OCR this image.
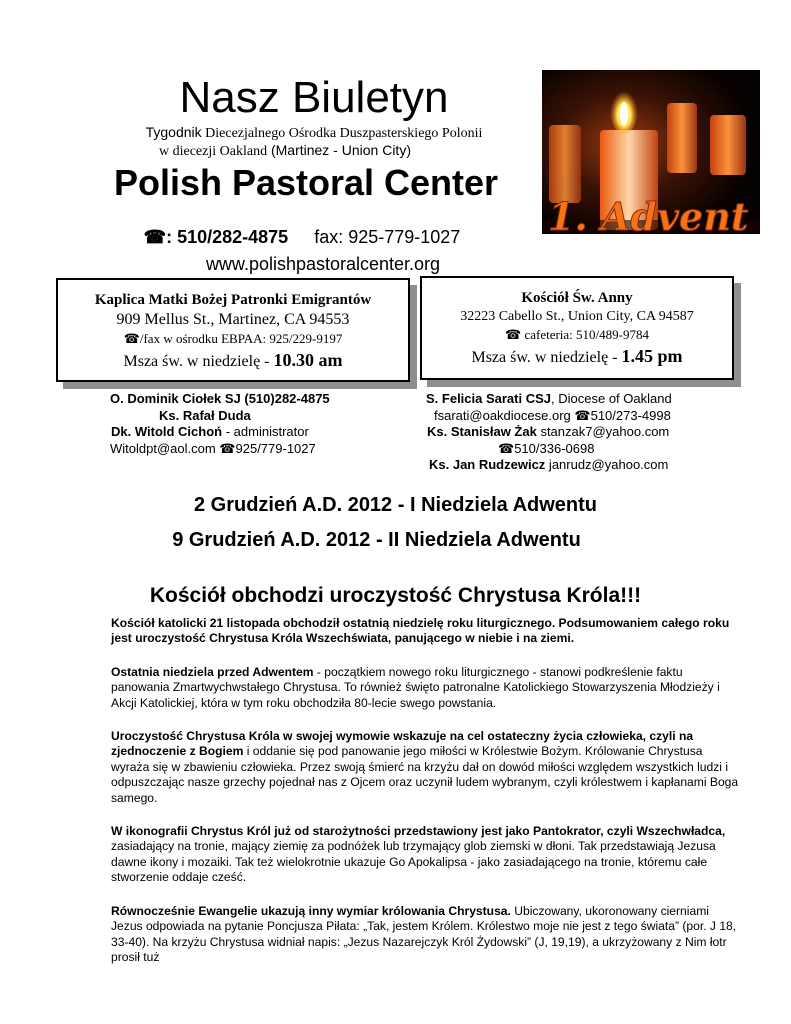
Nasz Biuletyn
Tygodnik Diecezjalnego Ośrodka Duszpasterskiego Polonii
w diecezji Oakland (Martinez - Union City)
Polish Pastoral Center
☎: 510/282-4875 fax: 925-779-1027
www.polishpastoralcenter.org
1. Advent
Kaplica Matki Bożej Patronki Emigrantów
909 Mellus St., Martinez, CA 94553
☎/fax w ośrodku EBPAA: 925/229-9197
Msza św. w niedzielę - 10.30 am
Kościół Św. Anny
32223 Cabello St., Union City, CA 94587
☎ cafeteria: 510/489-9784
Msza św. w niedzielę - 1.45 pm
O. Dominik Ciołek SJ (510)282-4875
Ks. Rafał Duda
Dk. Witold Cichoń - administrator
Witoldpt@aol.com ☎925/779-1027
S. Felicia Sarati CSJ, Diocese of Oakland
fsarati@oakdiocese.org ☎510/273-4998
Ks. Stanisław Żak stanzak7@yahoo.com
☎510/336-0698
Ks. Jan Rudzewicz janrudz@yahoo.com
2 Grudzień A.D. 2012 - I Niedziela Adwentu
9 Grudzień A.D. 2012 - II Niedziela Adwentu
Kościół obchodzi uroczystość Chrystusa Króla!!!

Kościół katolicki 21 listopada obchodził ostatnią niedzielę roku liturgicznego. Podsumowaniem całego roku jest uroczystość Chrystusa Króla Wszechświata, panującego w niebie i na ziemi.

Ostatnia niedziela przed Adwentem - początkiem nowego roku liturgicznego - stanowi podkreślenie faktu panowania Zmartwychwstałego Chrystusa. To również święto patronalne Katolickiego Stowarzyszenia Młodzieży i Akcji Katolickiej, która w tym roku obchodziła 80-lecie swego powstania.

Uroczystość Chrystusa Króla w swojej wymowie wskazuje na cel ostateczny życia człowieka, czyli na zjednoczenie z Bogiem i oddanie się pod panowanie jego miłości w Królestwie Bożym. Królowanie Chrystusa wyraża się w zbawieniu człowieka. Przez swoją śmierć na krzyżu dał on dowód miłości względem wszystkich ludzi i odpuszczając nasze grzechy pojednał nas z Ojcem oraz uczynił ludem wybranym, czyli królestwem i kapłanami Boga samego.

W ikonografii Chrystus Król już od starożytności przedstawiony jest jako Pantokrator, czyli Wszechwładca, zasiadający na tronie, mający ziemię za podnóżek lub trzymający glob ziemski w dłoni. Tak przedstawiają Jezusa dawne ikony i mozaiki. Tak też wielokrotnie ukazuje Go Apokalipsa - jako zasiadającego na tronie, któremu całe stworzenie oddaje cześć.

Równocześnie Ewangelie ukazują inny wymiar królowania Chrystusa. Ubiczowany, ukoronowany cierniami Jezus odpowiada na pytanie Poncjusza Piłata: „Tak, jestem Królem. Królestwo moje nie jest z tego świata” (por. J 18, 33-40). Na krzyżu Chrystusa widniał napis: „Jezus Nazarejczyk Król Żydowski” (J, 19,19), a ukrzyżowany z Nim łotr prosił tuż
